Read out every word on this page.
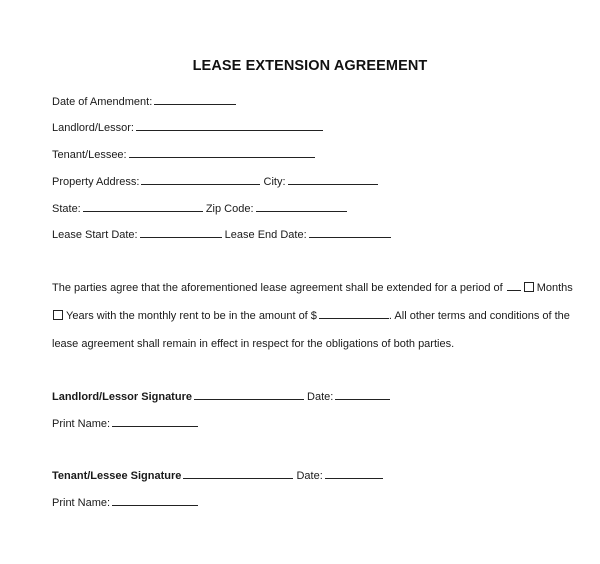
LEASE EXTENSION AGREEMENT
Date of Amendment:
Landlord/Lessor:
Tenant/Lessee:
Property Address:	City:
State:	Zip Code:
Lease Start Date:	Lease End Date:
The parties agree that the aforementioned lease agreement shall be extended for a period of	Months
Years with the monthly rent to be in the amount of $	. All other terms and conditions of the
lease agreement shall remain in effect in respect for the obligations of both parties.
Landlord/Lessor Signature	Date:
Print Name:
Tenant/Lessee Signature	Date:
Print Name:
